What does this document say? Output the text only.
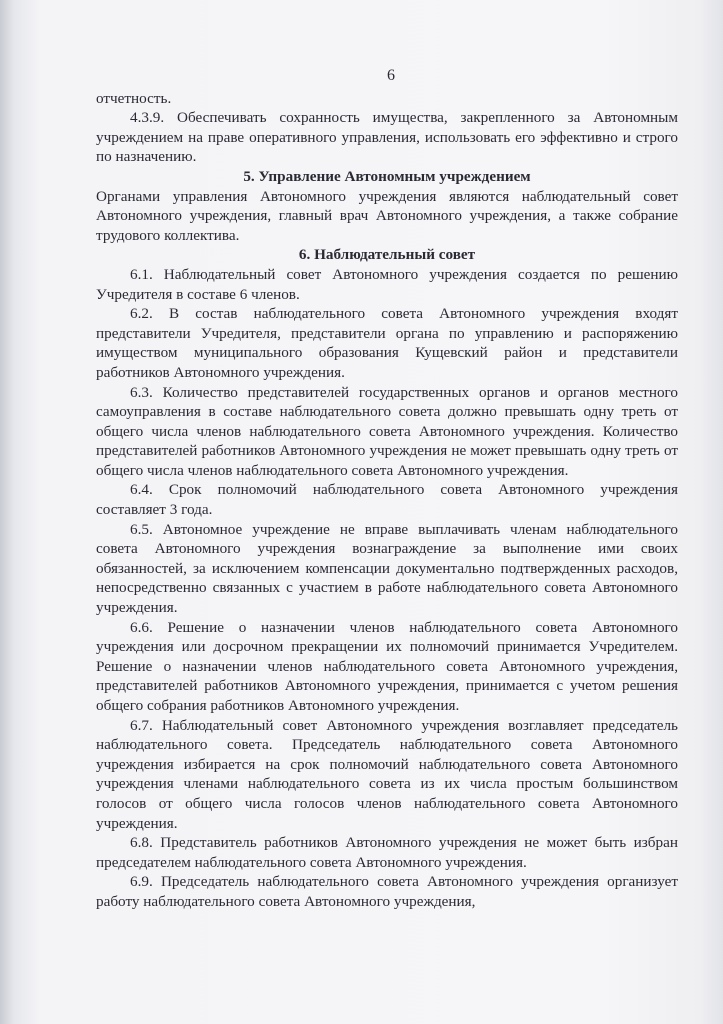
6

отчетность.

4.3.9. Обеспечивать сохранность имущества, закрепленного за Автономным учреждением на праве оперативного управления, использовать его эффективно и строго по назначению.

5. Управление Автономным учреждением

Органами управления Автономного учреждения являются наблюдательный совет Автономного учреждения, главный врач Автономного учреждения, а также собрание трудового коллектива.

6. Наблюдательный совет

6.1. Наблюдательный совет Автономного учреждения создается по решению Учредителя в составе 6 членов.

6.2. В состав наблюдательного совета Автономного учреждения входят представители Учредителя, представители органа по управлению и распоряжению имуществом муниципального образования Кущевский район и представители работников Автономного учреждения.

6.3. Количество представителей государственных органов и органов местного самоуправления в составе наблюдательного совета должно превышать одну треть от общего числа членов наблюдательного совета Автономного учреждения. Количество представителей работников Автономного учреждения не может превышать одну треть от общего числа членов наблюдательного совета Автономного учреждения.

6.4. Срок полномочий наблюдательного совета Автономного учреждения составляет 3 года.

6.5. Автономное учреждение не вправе выплачивать членам наблюдательного совета Автономного учреждения вознаграждение за выполнение ими своих обязанностей, за исключением компенсации документально подтвержденных расходов, непосредственно связанных с участием в работе наблюдательного совета Автономного учреждения.

6.6. Решение о назначении членов наблюдательного совета Автономного учреждения или досрочном прекращении их полномочий принимается Учредителем. Решение о назначении членов наблюдательного совета Автономного учреждения, представителей работников Автономного учреждения, принимается с учетом решения общего собрания работников Автономного учреждения.

6.7. Наблюдательный совет Автономного учреждения возглавляет председатель наблюдательного совета. Председатель наблюдательного совета Автономного учреждения избирается на срок полномочий наблюдательного совета Автономного учреждения членами наблюдательного совета из их числа простым большинством голосов от общего числа голосов членов наблюдательного совета Автономного учреждения.

6.8. Представитель работников Автономного учреждения не может быть избран председателем наблюдательного совета Автономного учреждения.

6.9. Председатель наблюдательного совета Автономного учреждения организует работу наблюдательного совета Автономного учреждения,
